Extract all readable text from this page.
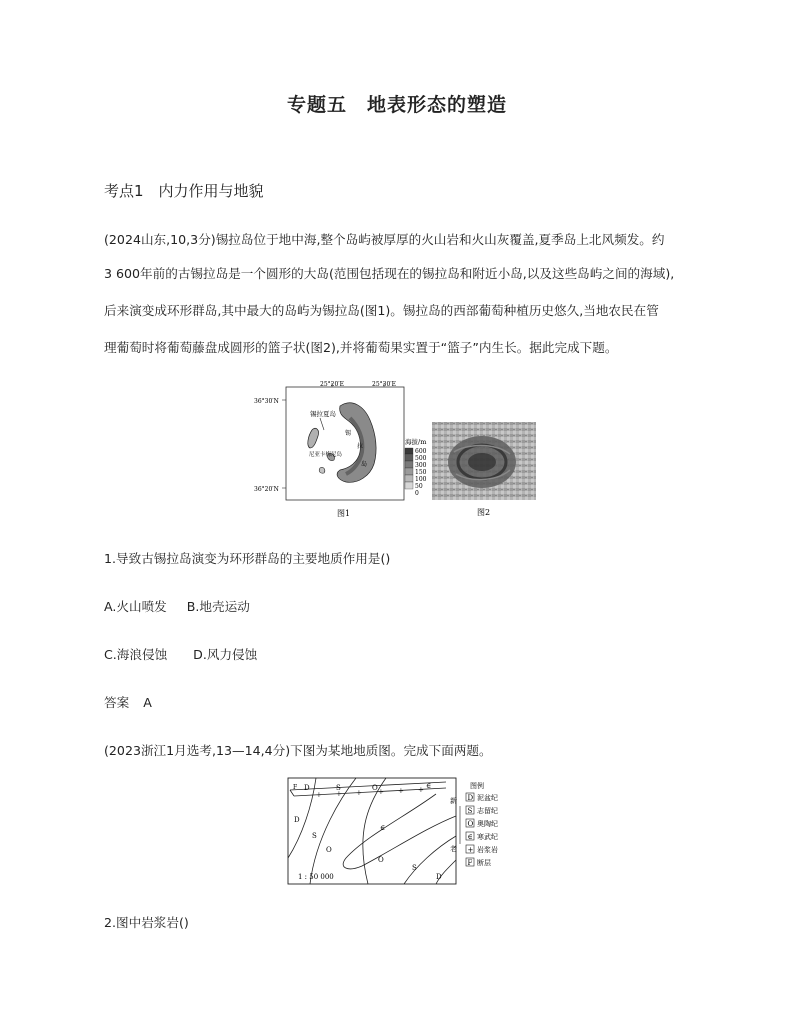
专题五　地表形态的塑造
考点1　内力作用与地貌
(2024山东,10,3分)锡拉岛位于地中海,整个岛屿被厚厚的火山岩和火山灰覆盖,夏季岛上北风频发。约
3 600年前的古锡拉岛是一个圆形的大岛(范围包括现在的锡拉岛和附近小岛,以及这些岛屿之间的海域),
后来演变成环形群岛,其中最大的岛屿为锡拉岛(图1)。锡拉岛的西部葡萄种植历史悠久,当地农民在管
理葡萄时将葡萄藤盘成圆形的篮子状(图2),并将葡萄果实置于“篮子”内生长。据此完成下题。
25°20′E	25°30′E
36°30′N
36°20′N
锡拉夏岛
尼亚卡梅尼岛
锡
拉
岛
海拔/m
600
500
300
150
100
50
0
图1	图2
1.导致古锡拉岛演变为环形群岛的主要地质作用是()
A.火山喷发 B.地壳运动
C.海浪侵蚀 D.风力侵蚀
答案 A
(2023浙江1月选考,13—14,4分)下图为某地地质图。完成下面两题。
+ + + + + +
D	S	O	∈
D
S
O
∈
O
S
D
F
1 : 50 000
图例
新
老
D 泥盆纪
S 志留纪
O 奥陶纪
∈ 寒武纪
+ 岩浆岩
F 断层
2.图中岩浆岩()
